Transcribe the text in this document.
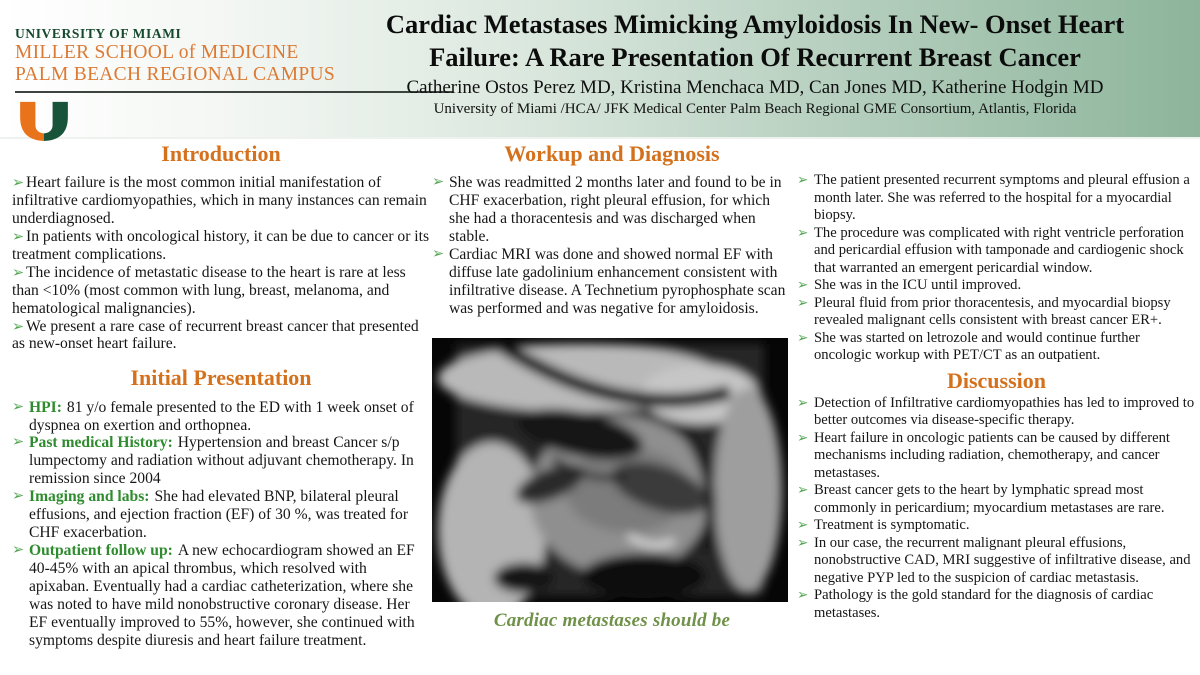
UNIVERSITY OF MIAMI
MILLER SCHOOL of MEDICINE
PALM BEACH REGIONAL CAMPUS
Cardiac Metastases Mimicking Amyloidosis In New- Onset Heart
Failure: A Rare Presentation Of Recurrent Breast Cancer
Catherine Ostos Perez MD, Kristina Menchaca MD, Can Jones MD, Katherine Hodgin MD
University of Miami /HCA/ JFK Medical Center Palm Beach Regional GME Consortium, Atlantis, Florida
Introduction
➢ Heart failure is the most common initial manifestation of infiltrative cardiomyopathies, which in many instances can remain underdiagnosed.
➢ In patients with oncological history, it can be due to cancer or its treatment complications.
➢ The incidence of metastatic disease to the heart is rare at less than <10% (most common with lung, breast, melanoma, and hematological malignancies).
➢ We present a rare case of recurrent breast cancer that presented as new-onset heart failure.
Initial Presentation
➢ HPI: 81 y/o female presented to the ED with 1 week onset of dyspnea on exertion and orthopnea.
➢ Past medical History: Hypertension and breast Cancer s/p lumpectomy and radiation without adjuvant chemotherapy. In remission since 2004
➢ Imaging and labs: She had elevated BNP, bilateral pleural effusions, and ejection fraction (EF) of 30 %, was treated for CHF exacerbation.
➢ Outpatient follow up: A new echocardiogram showed an EF 40-45% with an apical thrombus, which resolved with apixaban. Eventually had a cardiac catheterization, where she was noted to have mild nonobstructive coronary disease. Her EF eventually improved to 55%, however, she continued with symptoms despite diuresis and heart failure treatment.
Workup and Diagnosis
➢ She was readmitted 2 months later and found to be in CHF exacerbation, right pleural effusion, for which she had a thoracentesis and was discharged when stable.
➢ Cardiac MRI was done and showed normal EF with diffuse late gadolinium enhancement consistent with infiltrative disease. A Technetium pyrophosphate scan was performed and was negative for amyloidosis.
Cardiac metastases should be
➢ The patient presented recurrent symptoms and pleural effusion a month later. She was referred to the hospital for a myocardial biopsy.
➢ The procedure was complicated with right ventricle perforation and pericardial effusion with tamponade and cardiogenic shock that warranted an emergent pericardial window.
➢ She was in the ICU until improved.
➢ Pleural fluid from prior thoracentesis, and myocardial biopsy revealed malignant cells consistent with breast cancer ER+.
➢ She was started on letrozole and would continue further oncologic workup with PET/CT as an outpatient.
Discussion
➢ Detection of Infiltrative cardiomyopathies has led to improved to better outcomes via disease-specific therapy.
➢ Heart failure in oncologic patients can be caused by different mechanisms including radiation, chemotherapy, and cancer metastases.
➢ Breast cancer gets to the heart by lymphatic spread most commonly in pericardium; myocardium metastases are rare.
➢ Treatment is symptomatic.
➢ In our case, the recurrent malignant pleural effusions, nonobstructive CAD, MRI suggestive of infiltrative disease, and negative PYP led to the suspicion of cardiac metastasis.
➢ Pathology is the gold standard for the diagnosis of cardiac metastases.
